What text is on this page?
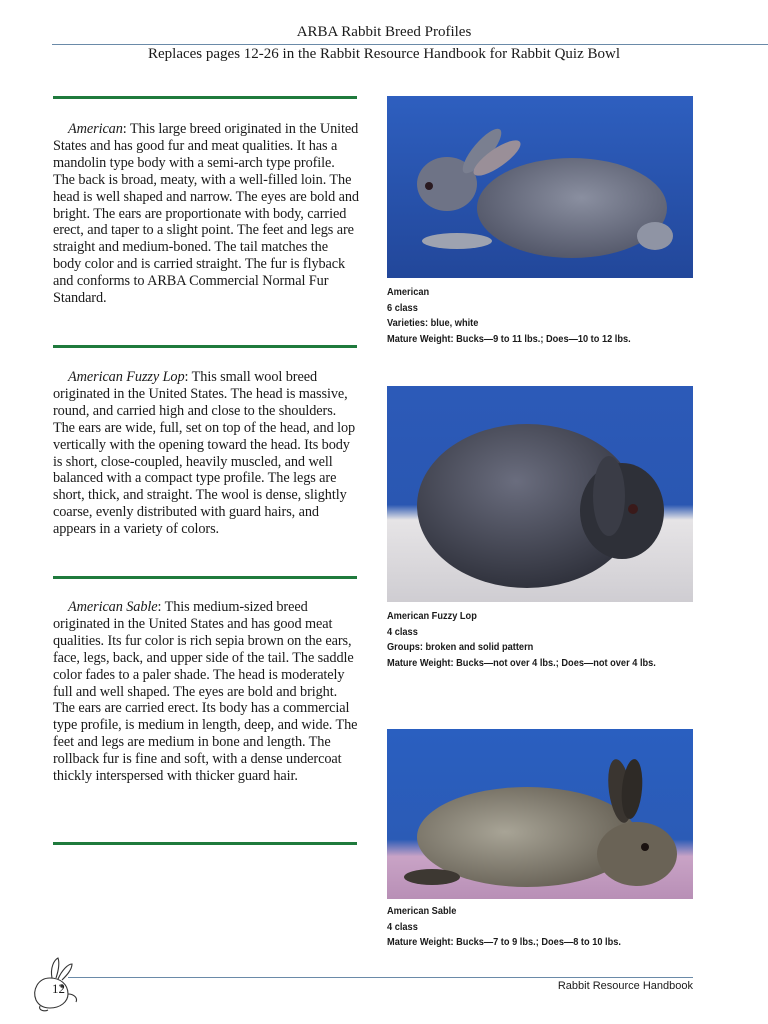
ARBA Rabbit Breed Profiles
Replaces pages 12-26 in the Rabbit Resource Handbook for Rabbit Quiz Bowl
American: This large breed originated in the United States and has good fur and meat qualities. It has a mandolin type body with a semi-arch type profile. The back is broad, meaty, with a well-filled loin. The head is well shaped and narrow. The eyes are bold and bright. The ears are proportionate with body, carried erect, and taper to a slight point. The feet and legs are straight and medium-boned. The tail matches the body color and is carried straight. The fur is flyback and conforms to ARBA Commercial Normal Fur Standard.	American
6 class
Varieties: blue, white
Mature Weight: Bucks—9 to 11 lbs.; Does—10 to 12 lbs.
American Fuzzy Lop: This small wool breed originated in the United States. The head is massive, round, and carried high and close to the shoulders. The ears are wide, full, set on top of the head, and lop vertically with the opening toward the head. Its body is short, close-coupled, heavily muscled, and well balanced with a compact type profile. The legs are short, thick, and straight. The wool is dense, slightly coarse, evenly distributed with guard hairs, and appears in a variety of colors.
American Fuzzy Lop
4 class
Groups: broken and solid pattern
Mature Weight: Bucks—not over 4 lbs.; Does—not over 4 lbs.
American Sable: This medium-sized breed originated in the United States and has good meat qualities. Its fur color is rich sepia brown on the ears, face, legs, back, and upper side of the tail. The saddle color fades to a paler shade. The head is moderately full and well shaped. The eyes are bold and bright. The ears are carried erect. Its body has a commercial type profile, is medium in length, deep, and wide. The feet and legs are medium in bone and length. The rollback fur is fine and soft, with a dense undercoat thickly interspersed with thicker guard hair.
American Sable
4 class
Mature Weight: Bucks—7 to 9 lbs.; Does—8 to 10 lbs.
12	Rabbit Resource Handbook
